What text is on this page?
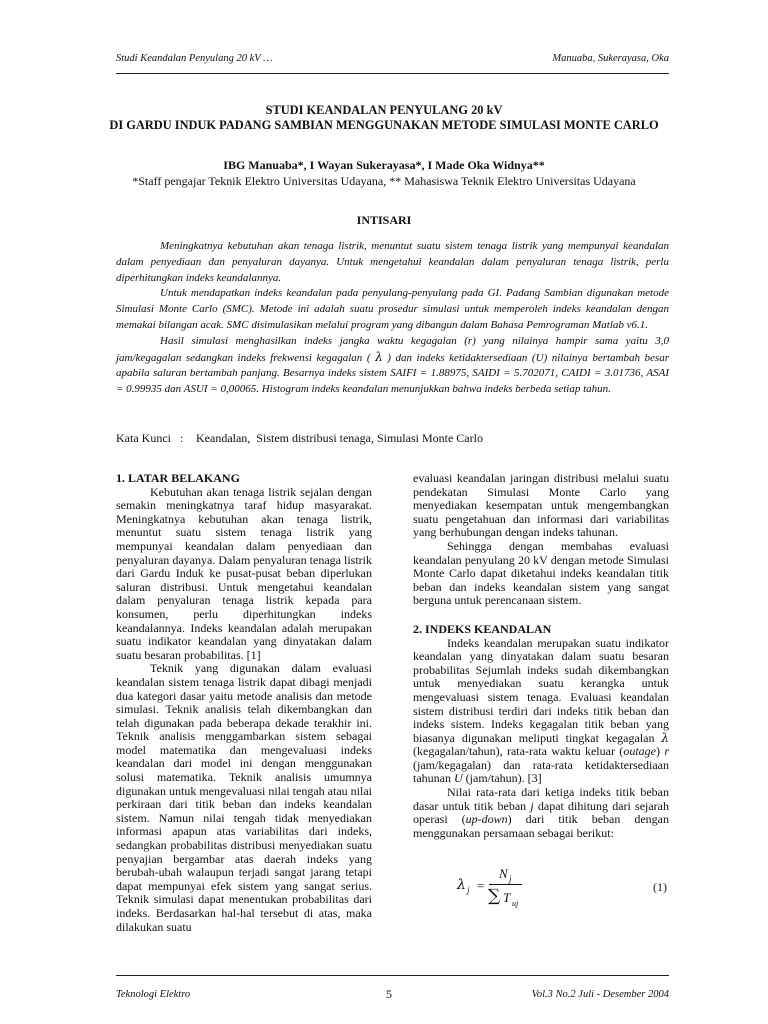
Studi Keandalan Penyulang 20 kV …	Manuaba, Sukerayasa, Oka
STUDI KEANDALAN PENYULANG 20 kV
DI GARDU INDUK PADANG SAMBIAN MENGGUNAKAN METODE SIMULASI MONTE CARLO
IBG Manuaba*, I Wayan Sukerayasa*, I Made Oka Widnya**
*Staff pengajar Teknik Elektro Universitas Udayana, ** Mahasiswa Teknik Elektro Universitas Udayana
INTISARI

Meningkatnya kebutuhan akan tenaga listrik, menuntut suatu sistem tenaga listrik yang mempunyai keandalan dalam penyediaan dan penyaluran dayanya. Untuk mengetahui keandalan dalam penyaluran tenaga listrik, perlu diperhitungkan indeks keandalannya.

Untuk mendapatkan indeks keandalan pada penyulang-penyulang pada GI. Padang Sambian digunakan metode Simulasi Monte Carlo (SMC). Metode ini adalah suatu prosedur simulasi untuk memperoleh indeks keandalan dengan memakai bilangan acak. SMC disimulasikan melalui program yang dibangun dalam Bahasa Pemrograman Matlab v6.1.

Hasil simulasi menghasilkan indeks jangka waktu kegagalan (r) yang nilainya hampir sama yaitu 3,0 jam/kegagalan sedangkan indeks frekwensi kegagalan ( λ ) dan indeks ketidaktersediaan (U) nilainya bertambah besar apabila saluran bertambah panjang. Besarnya indeks sistem SAIFI = 1.88975, SAIDI = 5.702071, CAIDI = 3.01736, ASAI = 0.99935 dan ASUI = 0,00065. Histogram indeks keandalan menunjukkan bahwa indeks berbeda setiap tahun.

Kata Kunci   : Keandalan,  Sistem distribusi tenaga, Simulasi Monte Carlo
1. LATAR BELAKANG

Kebutuhan akan tenaga listrik sejalan dengan semakin meningkatnya taraf hidup masyarakat. Meningkatnya kebutuhan akan tenaga listrik, menuntut suatu sistem tenaga listrik yang mempunyai keandalan dalam penyediaan dan penyaluran dayanya. Dalam penyaluran tenaga listrik dari Gardu Induk ke pusat-pusat beban diperlukan saluran distribusi. Untuk mengetahui keandalan dalam penyaluran tenaga listrik kepada para konsumen, perlu diperhitungkan indeks keandalannya. Indeks keandalan adalah merupakan suatu indikator keandalan yang dinyatakan dalam suatu besaran probabilitas. [1]

Teknik yang digunakan dalam evaluasi keandalan sistem tenaga listrik dapat dibagi menjadi dua kategori dasar yaitu metode analisis dan metode simulasi. Teknik analisis telah dikembangkan dan telah digunakan pada beberapa dekade terakhir ini. Teknik analisis menggambarkan sistem sebagai model matematika dan mengevaluasi indeks keandalan dari model ini dengan menggunakan solusi matematika. Teknik analisis umumnya digunakan untuk mengevaluasi nilai tengah atau nilai perkiraan dari titik beban dan indeks keandalan sistem. Namun nilai tengah tidak menyediakan informasi apapun atas variabilitas dari indeks, sedangkan probabilitas distribusi menyediakan suatu penyajian bergambar atas daerah indeks yang berubah-ubah walaupun terjadi sangat jarang tetapi dapat mempunyai efek sistem yang sangat serius. Teknik simulasi dapat menentukan probabilitas dari indeks. Berdasarkan hal-hal tersebut di atas, maka dilakukan suatu

evaluasi keandalan jaringan distribusi melalui suatu pendekatan Simulasi Monte Carlo yang menyediakan kesempatan untuk mengembangkan suatu pengetahuan dan informasi dari variabilitas yang berhubungan dengan indeks tahunan.

Sehingga dengan membahas evaluasi keandalan penyulang 20 kV dengan metode Simulasi Monte Carlo dapat diketahui indeks keandalan titik beban dan indeks keandalan sistem yang sangat berguna untuk perencanaan sistem.

2. INDEKS KEANDALAN

Indeks keandalan merupakan suatu indikator keandalan yang dinyatakan dalam suatu besaran probabilitas Sejumlah indeks sudah dikembangkan untuk menyediakan suatu kerangka untuk mengevaluasi sistem tenaga. Evaluasi keandalan sistem distribusi terdiri dari indeks titik beban dan indeks sistem. Indeks kegagalan titik beban yang biasanya digunakan meliputi tingkat kegagalan λ (kegagalan/tahun), rata-rata waktu keluar (outage) r (jam/kegagalan) dan rata-rata ketidaktersediaan tahunan U (jam/tahun). [3]

Nilai rata-rata dari ketiga indeks titik beban dasar untuk titik beban j dapat dihitung dari sejarah operasi (up-down) dari titik beban dengan menggunakan persamaan sebagai berikut:

λ j =
N j
∑ T uj
(1)
Teknologi Elektro	5	Vol.3 No.2 Juli - Desember 2004
